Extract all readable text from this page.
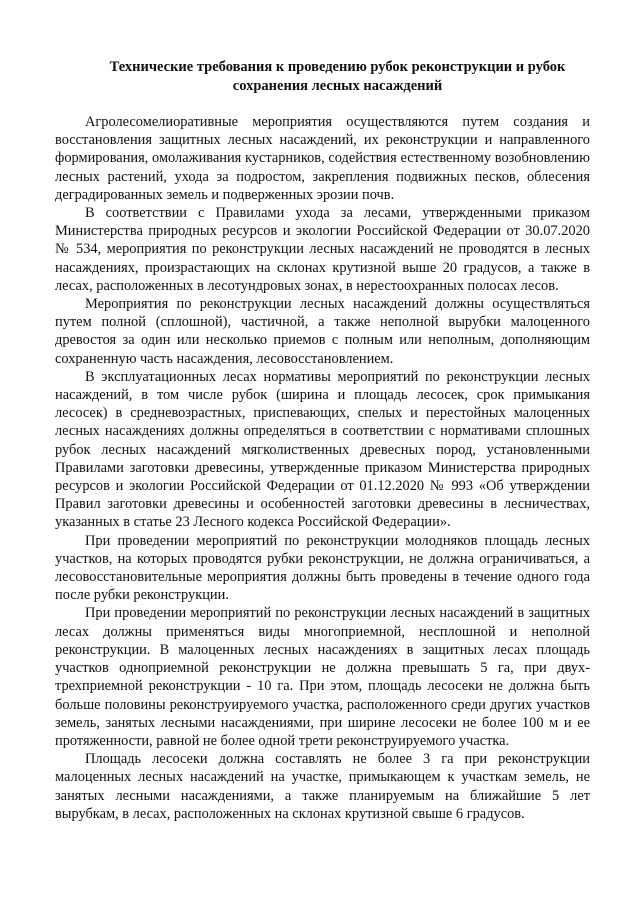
Технические требования к проведению рубок реконструкции и рубок сохранения лесных насаждений

Агролесомелиоративные мероприятия осуществляются путем создания и восстановления защитных лесных насаждений, их реконструкции и направленного формирования, омолаживания кустарников, содействия естественному возобновлению лесных растений, ухода за подростом, закрепления подвижных песков, облесения деградированных земель и подверженных эрозии почв.

В соответствии с Правилами ухода за лесами, утвержденными приказом Министерства природных ресурсов и экологии Российской Федерации от 30.07.2020 № 534, мероприятия по реконструкции лесных насаждений не проводятся в лесных насаждениях, произрастающих на склонах крутизной выше 20 градусов, а также в лесах, расположенных в лесотундровых зонах, в нерестоохранных полосах лесов.

Мероприятия по реконструкции лесных насаждений должны осуществляться путем полной (сплошной), частичной, а также неполной вырубки малоценного древостоя за один или несколько приемов с полным или неполным, дополняющим сохраненную часть насаждения, лесовосстановлением.

В эксплуатационных лесах нормативы мероприятий по реконструкции лесных насаждений, в том числе рубок (ширина и площадь лесосек, срок примыкания лесосек) в средневозрастных, приспевающих, спелых и перестойных малоценных лесных насаждениях должны определяться в соответствии с нормативами сплошных рубок лесных насаждений мягколиственных древесных пород, установленными Правилами заготовки древесины, утвержденные приказом Министерства природных ресурсов и экологии Российской Федерации от 01.12.2020 № 993 «Об утверждении Правил заготовки древесины и особенностей заготовки древесины в лесничествах, указанных в статье 23 Лесного кодекса Российской Федерации».

При проведении мероприятий по реконструкции молодняков площадь лесных участков, на которых проводятся рубки реконструкции, не должна ограничиваться, а лесовосстановительные мероприятия должны быть проведены в течение одного года после рубки реконструкции.

При проведении мероприятий по реконструкции лесных насаждений в защитных лесах должны применяться виды многоприемной, несплошной и неполной реконструкции. В малоценных лесных насаждениях в защитных лесах площадь участков одноприемной реконструкции не должна превышать 5 га, при двух-трехприемной реконструкции - 10 га. При этом, площадь лесосеки не должна быть больше половины реконструируемого участка, расположенного среди других участков земель, занятых лесными насаждениями, при ширине лесосеки не более 100 м и ее протяженности, равной не более одной трети реконструируемого участка.

Площадь лесосеки должна составлять не более 3 га при реконструкции малоценных лесных насаждений на участке, примыкающем к участкам земель, не занятых лесными насаждениями, а также планируемым на ближайшие 5 лет вырубкам, в лесах, расположенных на склонах крутизной свыше 6 градусов.
